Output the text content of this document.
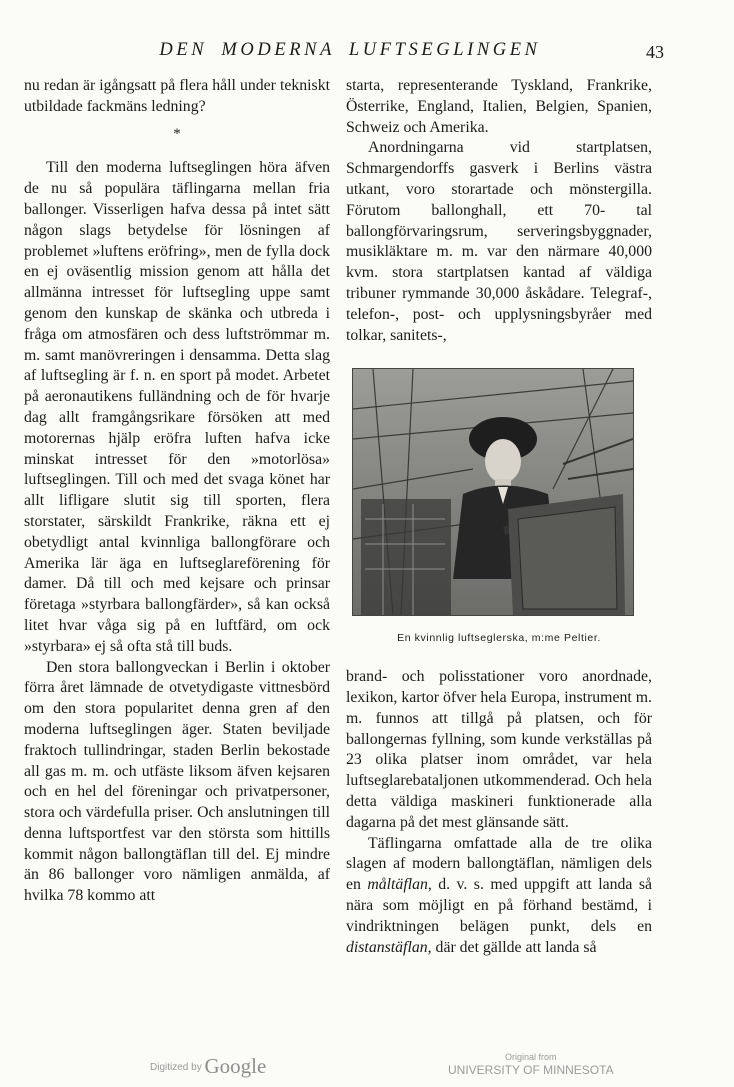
DEN MODERNA LUFTSEGLINGEN	43

nu redan är igångsatt på flera håll under tekniskt utbildade fackmäns ledning?

*

Till den moderna luftseglingen höra äfven de nu så populära täflingarna mellan fria ballonger. Visserligen hafva dessa på intet sätt någon slags betydelse för lösningen af problemet »luftens eröfring», men de fylla dock en ej oväsentlig mission genom att hålla det allmänna intresset för luftsegling uppe samt genom den kunskap de skänka och utbreda i fråga om atmosfären och dess luftströmmar m. m. samt manövreringen i densamma. Detta slag af luftsegling är f. n. en sport på modet. Arbetet på aeronautikens fulländning och de för hvarje dag allt framgångsrikare försöken att med motorernas hjälp eröfra luften hafva icke minskat intresset för den »motorlösa» luftseglingen. Till och med det svaga könet har allt lifligare slutit sig till sporten, flera storstater, särskildt Frankrike, räkna ett ej obetydligt antal kvinnliga ballongförare och Amerika lär äga en luftseglareförening för damer. Då till och med kejsare och prinsar företaga »styrbara ballongfärder», så kan också litet hvar våga sig på en luftfärd, om ock »styrbara» ej så ofta stå till buds.

Den stora ballongveckan i Berlin i oktober förra året lämnade de otvetydigaste vittnesbörd om den stora popularitet denna gren af den moderna luftseglingen äger. Staten beviljade fraktoch tullindringar, staden Berlin bekostade all gas m. m. och utfäste liksom äfven kejsaren och en hel del föreningar och privatpersoner, stora och värdefulla priser. Och anslutningen till denna luftsportfest var den största som hittills kommit någon ballongtäflan till del. Ej mindre än 86 ballonger voro nämligen anmälda, af hvilka 78 kommo att

starta, representerande Tyskland, Frankrike, Österrike, England, Italien, Belgien, Spanien, Schweiz och Amerika.

Anordningarna vid startplatsen, Schmargendorffs gasverk i Berlins västra utkant, voro storartade och mönstergilla. Förutom ballonghall, ett 70- tal ballongförvaringsrum, serveringsbyggnader, musikläktare m. m. var den närmare 40,000 kvm. stora startplatsen kantad af väldiga tribuner rymmande 30,000 åskådare. Telegraf-, telefon-, post- och upplysningsbyråer med tolkar, sanitets-,

En kvinnlig luftseglerska, m:me Peltier.

brand- och polisstationer voro anordnade, lexikon, kartor öfver hela Europa, instrument m. m. funnos att tillgå på platsen, och för ballongernas fyllning, som kunde verkställas på 23 olika platser inom området, var hela luftseglarebataljonen utkommenderad. Och hela detta väldiga maskineri funktionerade alla dagarna på det mest glänsande sätt.

Täflingarna omfattade alla de tre olika slagen af modern ballongtäflan, nämligen dels en måltäflan, d. v. s. med uppgift att landa så nära som möjligt en på förhand bestämd, i vindriktningen belägen punkt, dels en distanstäflan, där det gällde att landa så

Digitized by Google	Original from
UNIVERSITY OF MINNESOTA
